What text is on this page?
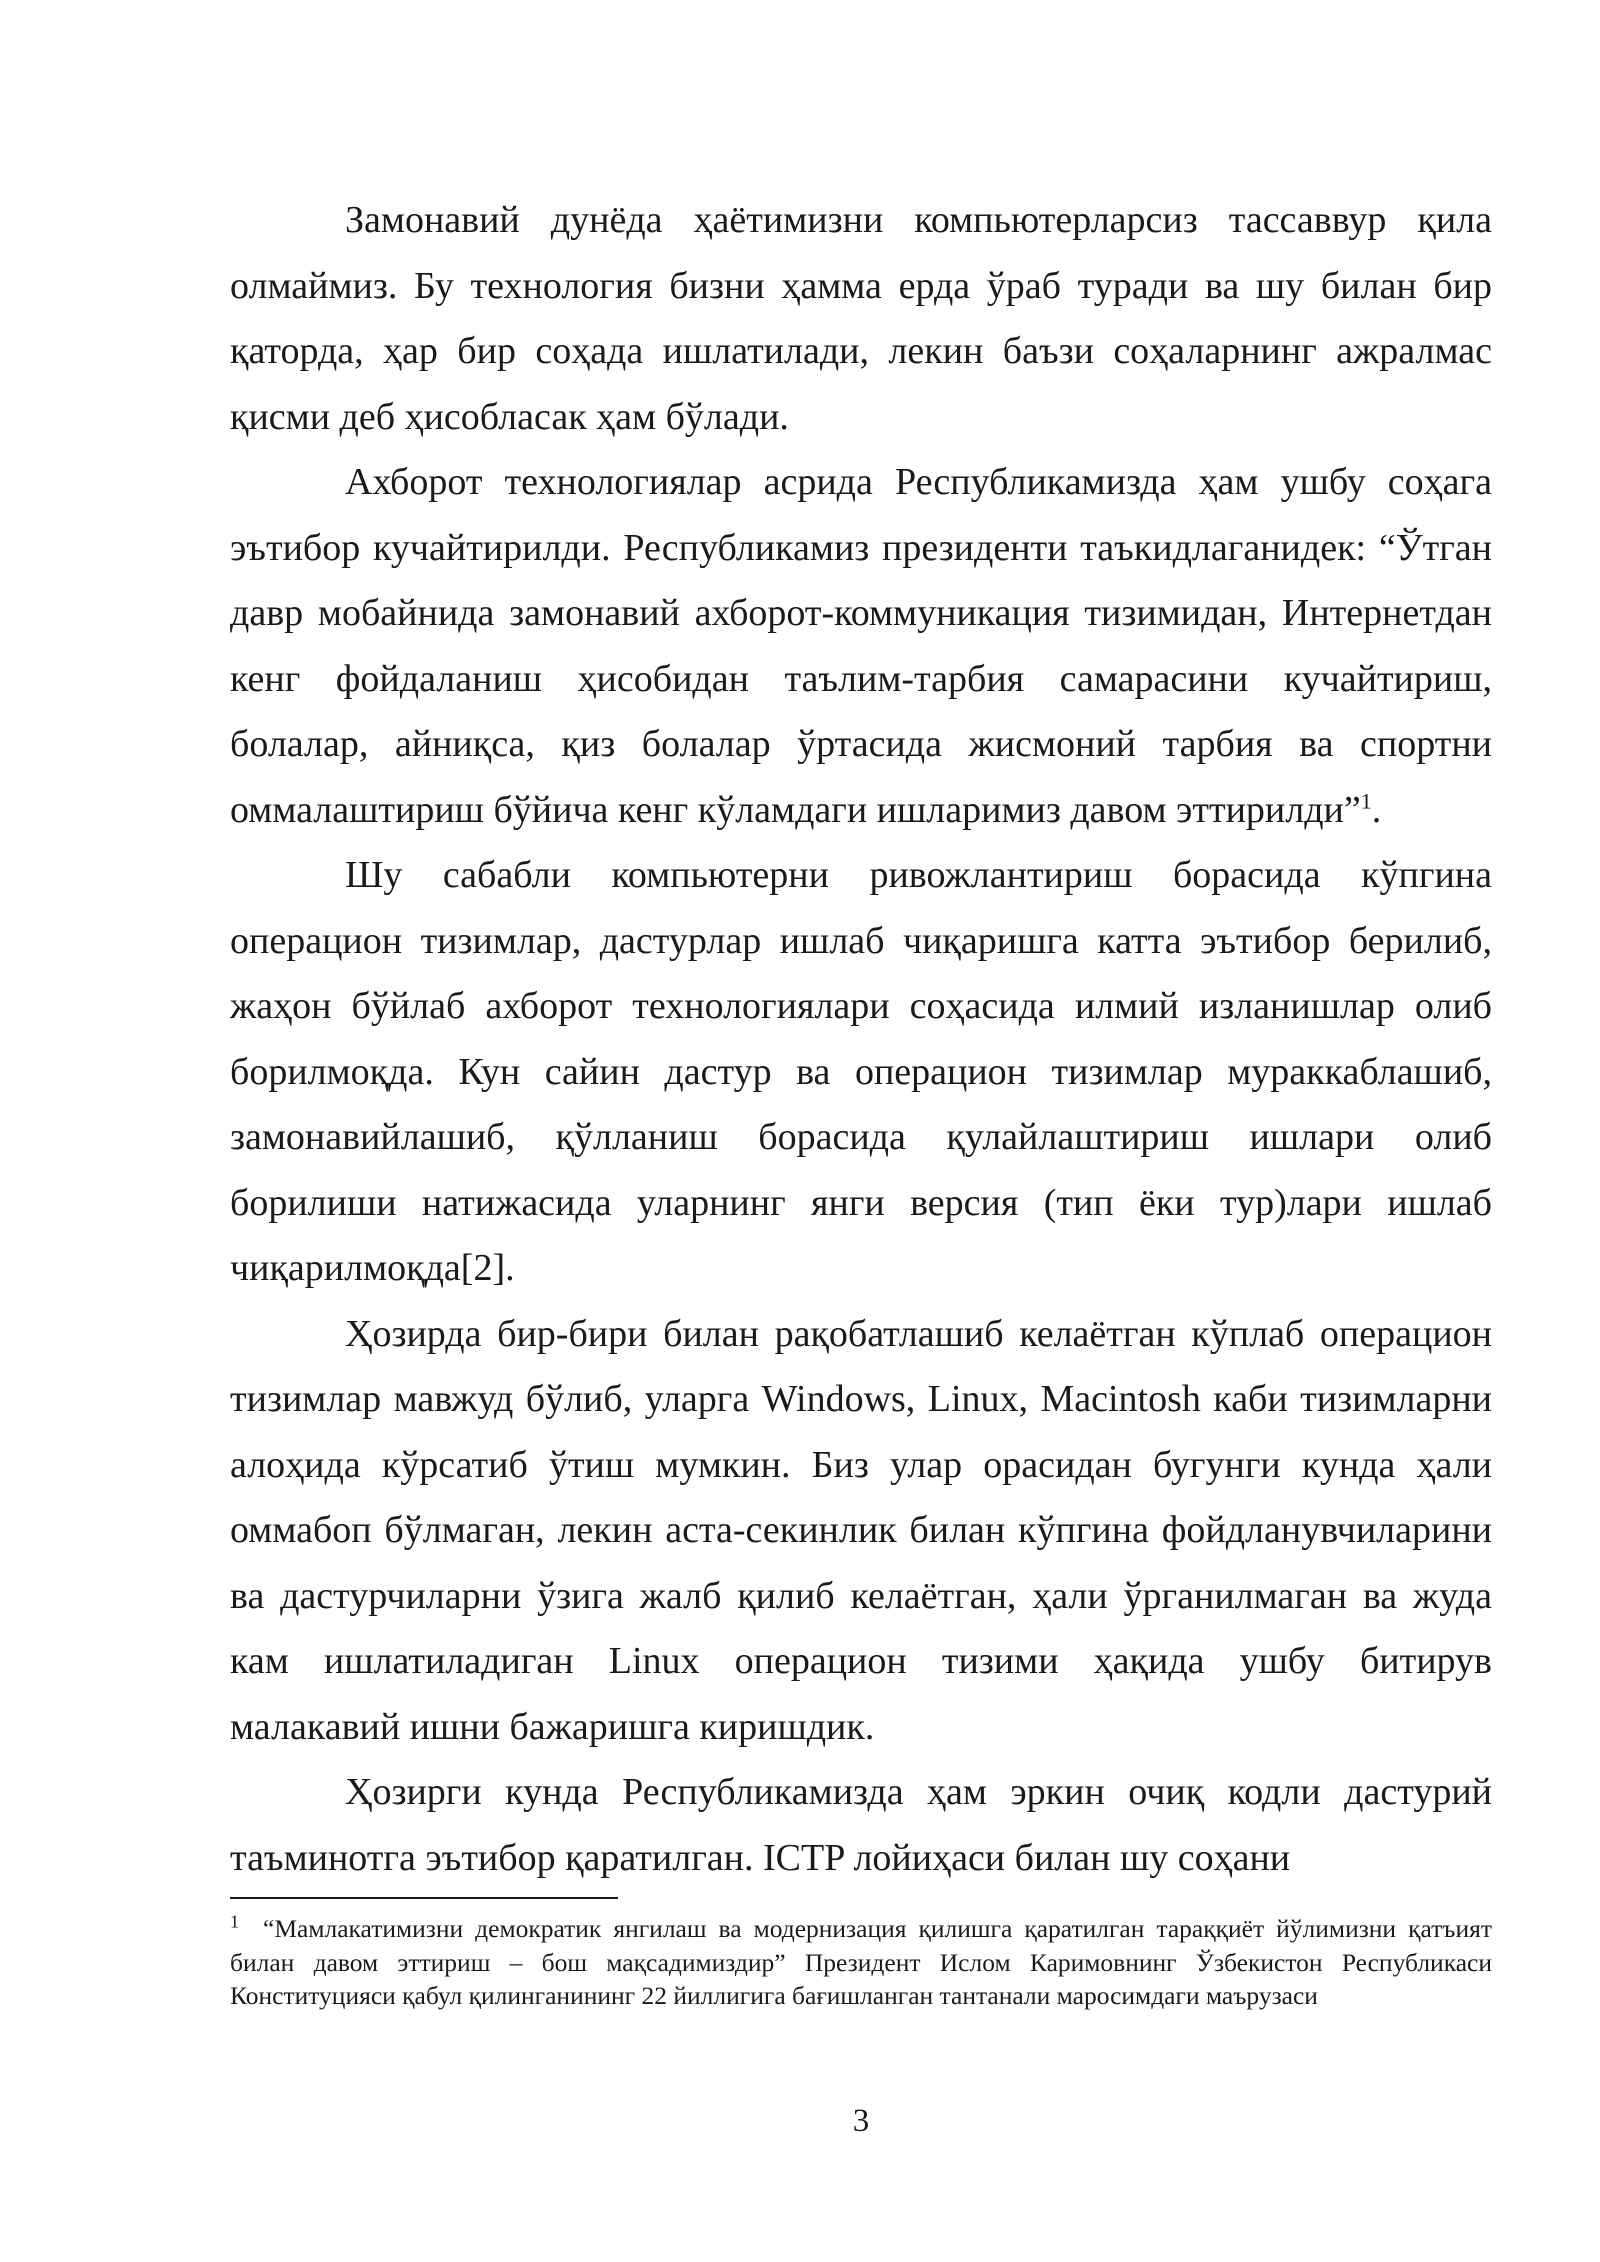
Замонавий дунёда ҳаётимизни компьютерларсиз тассаввур қила олмаймиз. Бу технология бизни ҳамма ерда ўраб туради ва шу билан бир қаторда, ҳар бир соҳада ишлатилади, лекин баъзи соҳаларнинг ажралмас қисми деб ҳисобласак ҳам бўлади.

Ахборот технологиялар асрида Республикамизда ҳам ушбу соҳага эътибор кучайтирилди. Республикамиз президенти таъкидлаганидек: “Ўтган давр мобайнида замонавий ахборот-коммуникация тизимидан, Интернетдан кенг фойдаланиш ҳисобидан таълим-тарбия самарасини кучайтириш, болалар, айниқса, қиз болалар ўртасида жисмоний тарбия ва спортни оммалаштириш бўйича кенг кўламдаги ишларимиз давом эттирилди”$^1$.

Шу сабабли компьютерни ривожлантириш борасида кўпгина операцион тизимлар, дастурлар ишлаб чиқаришга катта эътибор берилиб, жаҳон бўйлаб ахборот технологиялари соҳасида илмий изланишлар олиб борилмоқда. Кун сайин дастур ва операцион тизимлар мураккаблашиб, замонавийлашиб, қўлланиш борасида қулайлаштириш ишлари олиб борилиши натижасида уларнинг янги версия (тип ёки тур)лари ишлаб чиқарилмоқда[2].

Ҳозирда бир-бири билан рақобатлашиб келаётган кўплаб операцион тизимлар мавжуд бўлиб, уларга Windows, Linux, Macintosh каби тизимларни алоҳида кўрсатиб ўтиш мумкин. Биз улар орасидан бугунги кунда ҳали оммабоп бўлмаган, лекин аста-секинлик билан кўпгина фойдланувчиларини ва дастурчиларни ўзига жалб қилиб келаётган, ҳали ўрганилмаган ва жуда кам ишлатиладиган Linux операцион тизими ҳақида ушбу битирув малакавий ишни бажаришга киришдик.

Ҳозирги кунда Республикамизда ҳам эркин очиқ кодли дастурий таъминотга эътибор қаратилган. ICTP лойиҳаси билан шу соҳани

$^1$ “Мамлакатимизни демократик янгилаш ва модернизация қилишга қаратилган тараққиёт йўлимизни қатъият билан давом эттириш – бош мақсадимиздир” Президент Ислом Каримовнинг Ўзбекистон Республикаси Конституцияси қабул қилинганининг 22 йиллигига бағишланган тантанали маросимдаги маърузаси

3
